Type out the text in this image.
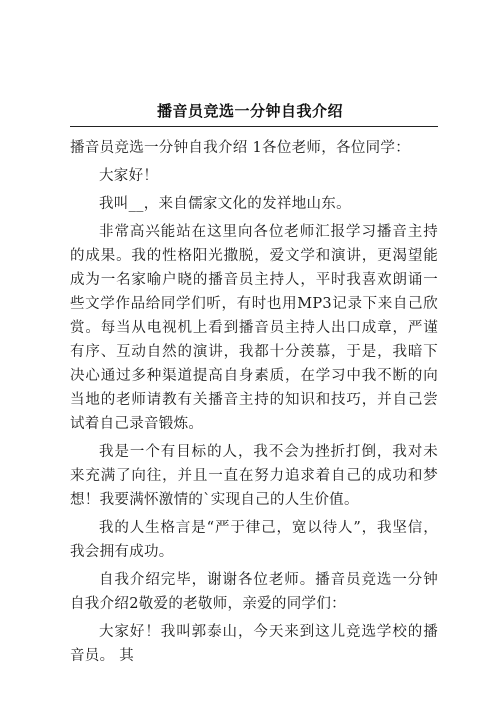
播音员竞选一分钟自我介绍

播音员竞选一分钟自我介绍 1各位老师，各位同学：

大家好！

我叫__，来自儒家文化的发祥地山东。

非常高兴能站在这里向各位老师汇报学习播音主持的成果。我的性格阳光撒脱，爱文学和演讲，更渴望能成为一名家喻户晓的播音员主持人，平时我喜欢朗诵一些文学作品给同学们听，有时也用MP3记录下来自己欣赏。每当从电视机上看到播音员主持人出口成章，严谨有序、互动自然的演讲，我都十分羡慕，于是，我暗下决心通过多种渠道提高自身素质，在学习中我不断的向当地的老师请教有关播音主持的知识和技巧，并自己尝试着自己录音锻炼。

我是一个有目标的人，我不会为挫折打倒，我对未来充满了向往，并且一直在努力追求着自己的成功和梦想！我要满怀激情的`实现自己的人生价值。

我的人生格言是“严于律己，宽以待人”，我坚信，我会拥有成功。

自我介绍完毕，谢谢各位老师。播音员竞选一分钟自我介绍2敬爱的老敬师，亲爱的同学们：

大家好！我叫郭泰山，今天来到这儿竞选学校的播音员。 其
